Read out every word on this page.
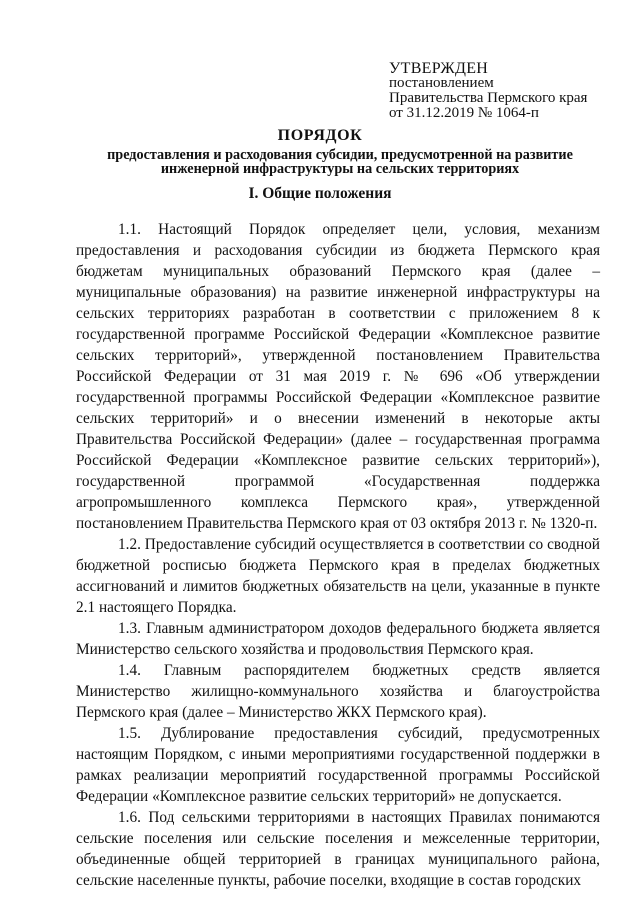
УТВЕРЖДЕН
постановлением
Правительства Пермского края
от 31.12.2019 № 1064-п
ПОРЯДОК
предоставления и расходования субсидии, предусмотренной на развитие
инженерной инфраструктуры на сельских территориях
I. Общие положения

1.1. Настоящий Порядок определяет цели, условия, механизм предоставления и расходования субсидии из бюджета Пермского края бюджетам муниципальных образований Пермского края (далее – муниципальные образования) на развитие инженерной инфраструктуры на сельских территориях разработан в соответствии с приложением 8 к государственной программе Российской Федерации «Комплексное развитие сельских территорий», утвержденной постановлением Правительства Российской Федерации от 31 мая 2019 г. № 696 «Об утверждении государственной программы Российской Федерации «Комплексное развитие сельских территорий» и о внесении изменений в некоторые акты Правительства Российской Федерации» (далее – государственная программа Российской Федерации «Комплексное развитие сельских территорий»), государственной программой «Государственная поддержка агропромышленного комплекса Пермского края», утвержденной постановлением Правительства Пермского края от 03 октября 2013 г. № 1320-п.

1.2. Предоставление субсидий осуществляется в соответствии со сводной бюджетной росписью бюджета Пермского края в пределах бюджетных ассигнований и лимитов бюджетных обязательств на цели, указанные в пункте 2.1 настоящего Порядка.

1.3. Главным администратором доходов федерального бюджета является Министерство сельского хозяйства и продовольствия Пермского края.

1.4. Главным распорядителем бюджетных средств является Министерство жилищно-коммунального хозяйства и благоустройства Пермского края (далее – Министерство ЖКХ Пермского края).

1.5. Дублирование предоставления субсидий, предусмотренных настоящим Порядком, с иными мероприятиями государственной поддержки в рамках реализации мероприятий государственной программы Российской Федерации «Комплексное развитие сельских территорий» не допускается.

1.6. Под сельскими территориями в настоящих Правилах понимаются сельские поселения или сельские поселения и межселенные территории, объединенные общей территорией в границах муниципального района, сельские населенные пункты, рабочие поселки, входящие в состав городских
